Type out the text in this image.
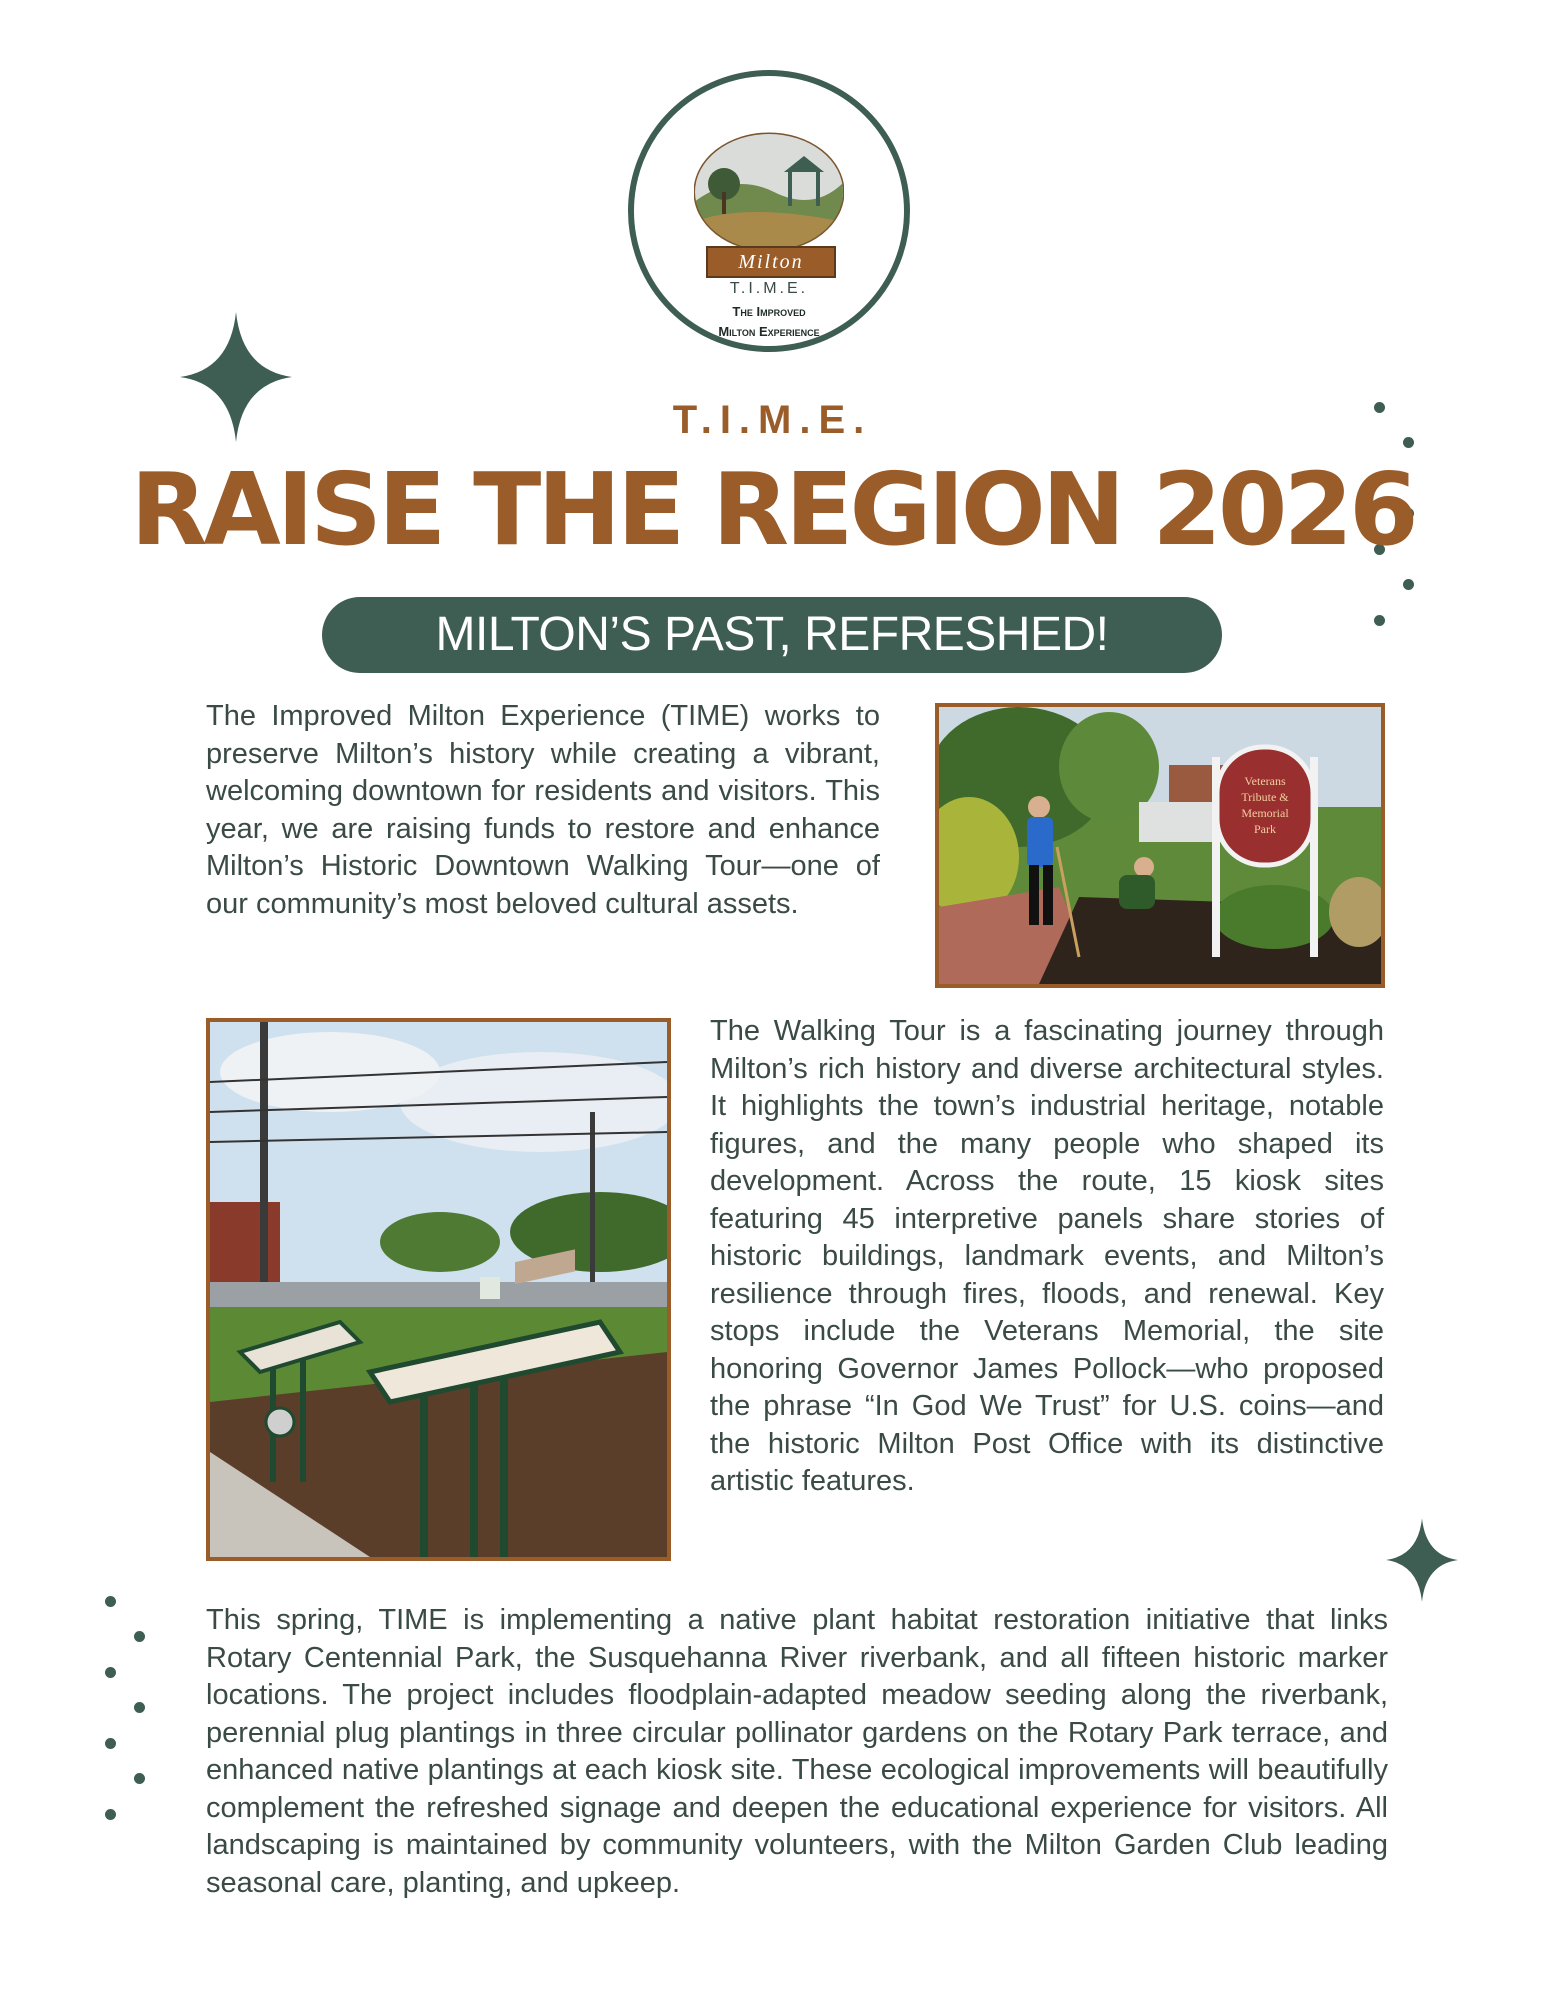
Milton
T.I.M.E.
The Improved
Milton Experience
T.I.M.E.
RAISE THE REGION 2026
MILTON’S PAST, REFRESHED!
The Improved Milton Experience (TIME) works to preserve Milton’s history while creating a vibrant, welcoming downtown for residents and visitors. This year, we are raising funds to restore and enhance Milton’s Historic Downtown Walking Tour—one of our community’s most beloved cultural assets.
The Walking Tour is a fascinating journey through Milton’s rich history and diverse architectural styles. It highlights the town’s industrial heritage, notable figures, and the many people who shaped its development. Across the route, 15 kiosk sites featuring 45 interpretive panels share stories of historic buildings, landmark events, and Milton’s resilience through fires, floods, and renewal. Key stops include the Veterans Memorial, the site honoring Governor James Pollock—who proposed the phrase “In God We Trust” for U.S. coins—and the historic Milton Post Office with its distinctive artistic features.
This spring, TIME is implementing a native plant habitat restoration initiative that links Rotary Centennial Park, the Susquehanna River riverbank, and all fifteen historic marker locations. The project includes floodplain-adapted meadow seeding along the riverbank, perennial plug plantings in three circular pollinator gardens on the Rotary Park terrace, and enhanced native plantings at each kiosk site. These ecological improvements will beautifully complement the refreshed signage and deepen the educational experience for visitors. All landscaping is maintained by community volunteers, with the Milton Garden Club leading seasonal care, planting, and upkeep.
Veterans
Tribute &
Memorial
Park
